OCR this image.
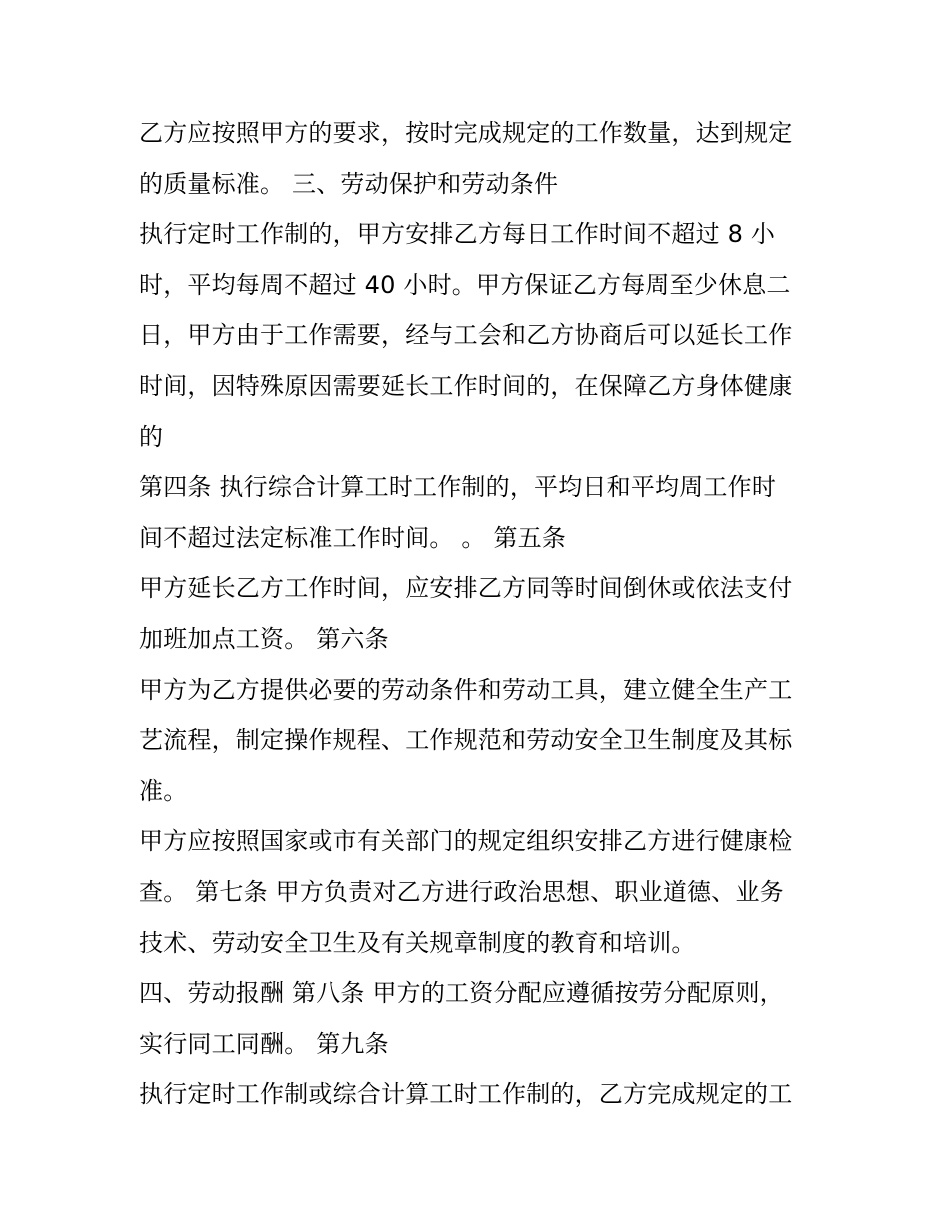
乙方应按照甲方的要求，按时完成规定的工作数量，达到规定
的质量标准。 三、劳动保护和劳动条件

执行定时工作制的，甲方安排乙方每日工作时间不超过 8 小
时，平均每周不超过 40 小时。甲方保证乙方每周至少休息二
日，甲方由于工作需要，经与工会和乙方协商后可以延长工作
时间，因特殊原因需要延长工作时间的，在保障乙方身体健康
的

第四条 执行综合计算工时工作制的，平均日和平均周工作时
间不超过法定标准工作时间。 。 第五条

甲方延长乙方工作时间，应安排乙方同等时间倒休或依法支付
加班加点工资。 第六条

甲方为乙方提供必要的劳动条件和劳动工具，建立健全生产工
艺流程，制定操作规程、工作规范和劳动安全卫生制度及其标
准。

甲方应按照国家或市有关部门的规定组织安排乙方进行健康检
查。 第七条 甲方负责对乙方进行政治思想、职业道德、业务
技术、劳动安全卫生及有关规章制度的教育和培训。

四、劳动报酬 第八条 甲方的工资分配应遵循按劳分配原则，
实行同工同酬。 第九条

执行定时工作制或综合计算工时工作制的，乙方完成规定的工
